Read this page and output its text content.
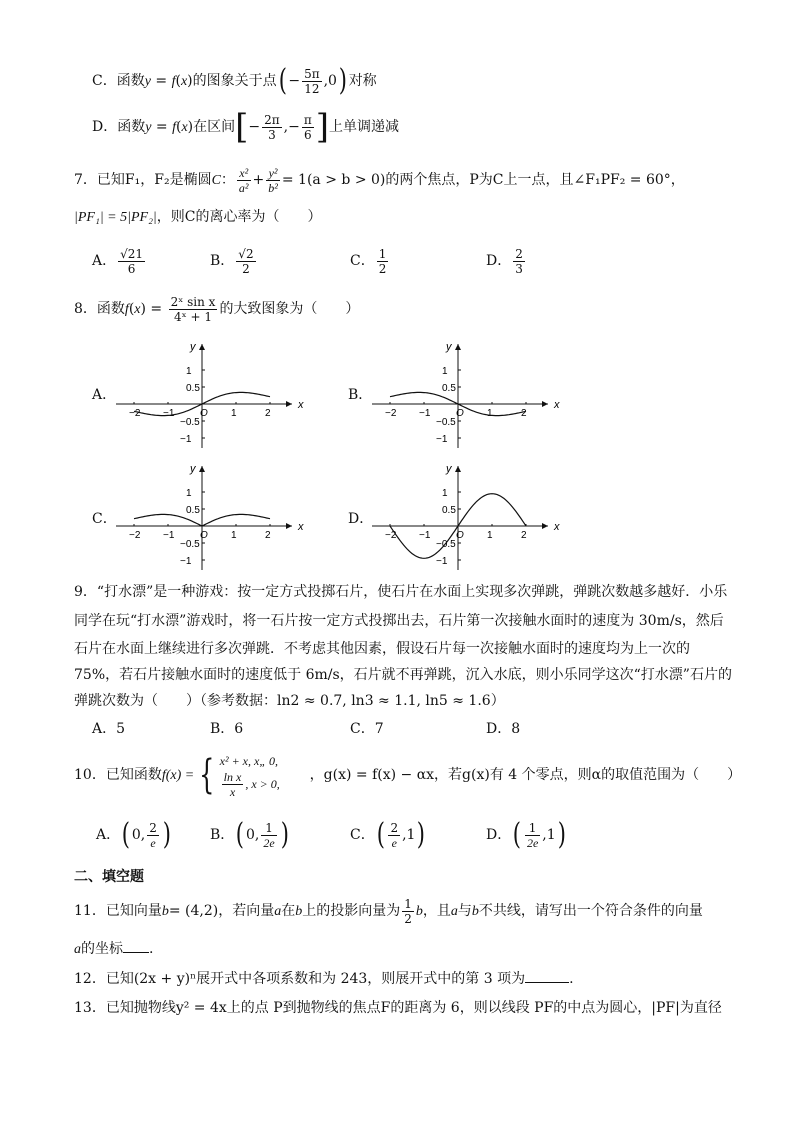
C．函数y = f(x)的图象关于点( − $\frac{5\pi}{12} ,0$) 对称
D．函数y = f(x)在区间[− $\frac{2\pi}{3}$ ,− $\frac{\pi}{6}$ ]上单调递减
7．已知F₁，F₂是椭圆C： $\frac{\text{x²}}{\text{a²}} + \frac{\text{y²}}{\text{b²}} = 1(a > b > 0)$的两个焦点，P为C上一点，且∠F₁PF₂ = 60°，
|PF₁| = 5|PF₂|，则C的离心率为（　　）
A． $\frac{√21}{6}$	B． $\frac{√2}{2}$	C． $\frac{1}{2}$	D． $\frac{2}{3}$
8．函数$f(x) = \frac{\text{2ˣ sin x}}{\text{4ˣ + 1}}$ 的大致图象为（　　）
A．	B．
C．	D．
x
y
−2 −1	O 1	2
1
0.5
−0.5
−1
x
y
−2 −1	O 1	2
1
0.5
−0.5
−1
x
y
−2 −1	O 1	2
1
0.5
−0.5
−1
x
y
−2 −1	O 1	2
1
0.5
−0.5
−1
9．“打水漂”是一种游戏：按一定方式投掷石片，使石片在水面上实现多次弹跳，弹跳次数越多越好．小乐
同学在玩“打水漂”游戏时，将一石片按一定方式投掷出去，石片第一次接触水面时的速度为 30m/s，然后
石片在水面上继续进行多次弹跳．不考虑其他因素，假设石片每一次接触水面时的速度均为上一次的
75%，若石片接触水面时的速度低于 6m/s，石片就不再弹跳，沉入水底，则小乐同学这次“打水漂”石片的
弹跳次数为（　　）（参考数据：ln2 ≈ 0.7, ln3 ≈ 1.1, ln5 ≈ 1.6）
A．5	B．6	C．7	D．8
10．已知函数f(x) = { x² + x, x„ 0,
$\frac{\text{ln x}}{x}$ , x > 0,
，g(x) = f(x) − αx，若g(x)有 4 个零点，则α的取值范围为（　　）
A．( 0, $\frac{2}{e}$ )	B．( 0, $\frac{1}{2e}$ )	C．( $\frac{2}{e} ,1$)	D．( $\frac{1}{2e} ,1$)
二、填空题
11．已知向量b= (4,2)，若向量a在b上的投影向量为 $\frac{1}{2}$ b，且a与b不共线，请写出一个符合条件的向量
a的坐标 .
12．已知(2x + y)ⁿ展开式中各项系数和为 243，则展开式中的第 3 项为	.
13．已知抛物线y² = 4x上的点 P到抛物线的焦点F的距离为 6，则以线段 PF的中点为圆心，|PF|为直径
